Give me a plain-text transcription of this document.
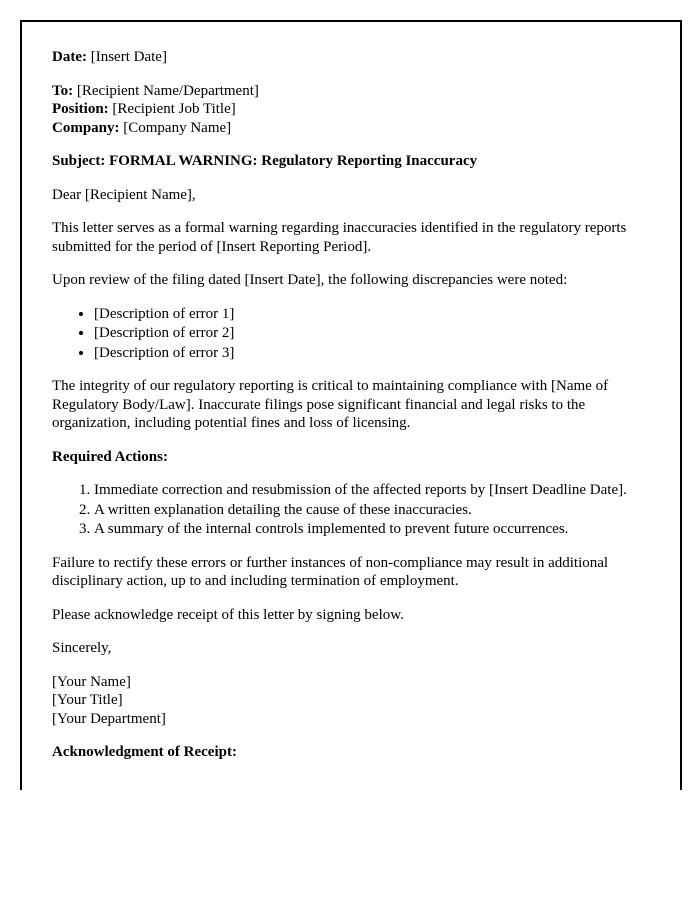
Date: [Insert Date]

To: [Recipient Name/Department]
Position: [Recipient Job Title]
Company: [Company Name]

Subject: FORMAL WARNING: Regulatory Reporting Inaccuracy

Dear [Recipient Name],

This letter serves as a formal warning regarding inaccuracies identified in the regulatory reports submitted for the period of [Insert Reporting Period].

Upon review of the filing dated [Insert Date], the following discrepancies were noted:

• [Description of error 1]
• [Description of error 2]
• [Description of error 3]

The integrity of our regulatory reporting is critical to maintaining compliance with [Name of Regulatory Body/Law]. Inaccurate filings pose significant financial and legal risks to the organization, including potential fines and loss of licensing.

Required Actions:

1. Immediate correction and resubmission of the affected reports by [Insert Deadline Date].
2. A written explanation detailing the cause of these inaccuracies.
3. A summary of the internal controls implemented to prevent future occurrences.

Failure to rectify these errors or further instances of non-compliance may result in additional disciplinary action, up to and including termination of employment.

Please acknowledge receipt of this letter by signing below.

Sincerely,

[Your Name]
[Your Title]
[Your Department]

Acknowledgment of Receipt:
